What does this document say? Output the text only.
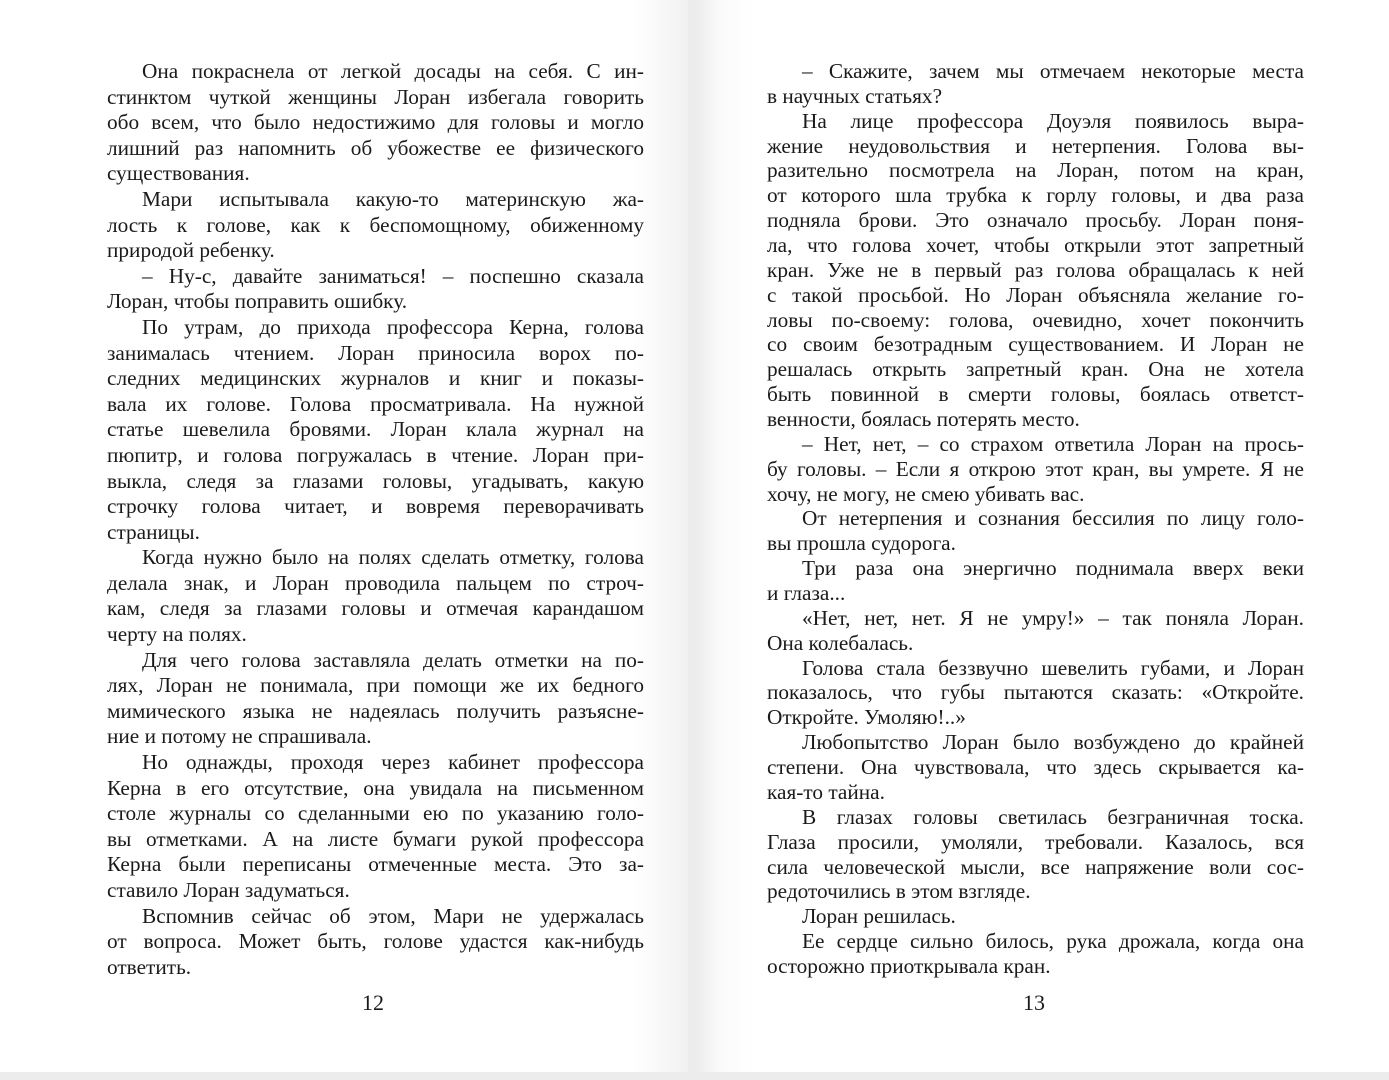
Она покраснела от легкой досады на себя. С ин-
стинктом чуткой женщины Лоран избегала говорить
обо всем, что было недостижимо для головы и могло
лишний раз напомнить об убожестве ее физического
существования.
Мари испытывала какую-то материнскую жа-
лость к голове, как к беспомощному, обиженному
природой ребенку.
– Ну-с, давайте заниматься! – поспешно сказала
Лоран, чтобы поправить ошибку.
По утрам, до прихода профессора Керна, голова
занималась чтением. Лоран приносила ворох по-
следних медицинских журналов и книг и показы-
вала их голове. Голова просматривала. На нужной
статье шевелила бровями. Лоран клала журнал на
пюпитр, и голова погружалась в чтение. Лоран при-
выкла, следя за глазами головы, угадывать, какую
строчку голова читает, и вовремя переворачивать
страницы.
Когда нужно было на полях сделать отметку, голова
делала знак, и Лоран проводила пальцем по строч-
кам, следя за глазами головы и отмечая карандашом
черту на полях.
Для чего голова заставляла делать отметки на по-
лях, Лоран не понимала, при помощи же их бедного
мимического языка не надеялась получить разъясне-
ние и потому не спрашивала.
Но однажды, проходя через кабинет профессора
Керна в его отсутствие, она увидала на письменном
столе журналы со сделанными ею по указанию голо-
вы отметками. А на листе бумаги рукой профессора
Керна были переписаны отмеченные места. Это за-
ставило Лоран задуматься.
Вспомнив сейчас об этом, Мари не удержалась
от вопроса. Может быть, голове удастся как-нибудь
ответить.
12
– Скажите, зачем мы отмечаем некоторые места
в научных статьях?
На лице профессора Доуэля появилось выра-
жение неудовольствия и нетерпения. Голова вы-
разительно посмотрела на Лоран, потом на кран,
от которого шла трубка к горлу головы, и два раза
подняла брови. Это означало просьбу. Лоран поня-
ла, что голова хочет, чтобы открыли этот запретный
кран. Уже не в первый раз голова обращалась к ней
с такой просьбой. Но Лоран объясняла желание го-
ловы по-своему: голова, очевидно, хочет покончить
со своим безотрадным существованием. И Лоран не
решалась открыть запретный кран. Она не хотела
быть повинной в смерти головы, боялась ответст-
венности, боялась потерять место.
– Нет, нет, – со страхом ответила Лоран на прось-
бу головы. – Если я открою этот кран, вы умрете. Я не
хочу, не могу, не смею убивать вас.
От нетерпения и сознания бессилия по лицу голо-
вы прошла судорога.
Три раза она энергично поднимала вверх веки
и глаза...
«Нет, нет, нет. Я не умру!» – так поняла Лоран.
Она колебалась.
Голова стала беззвучно шевелить губами, и Лоран
показалось, что губы пытаются сказать: «Откройте.
Откройте. Умоляю!..»
Любопытство Лоран было возбуждено до крайней
степени. Она чувствовала, что здесь скрывается ка-
кая-то тайна.
В глазах головы светилась безграничная тоска.
Глаза просили, умоляли, требовали. Казалось, вся
сила человеческой мысли, все напряжение воли сос-
редоточились в этом взгляде.
Лоран решилась.
Ее сердце сильно билось, рука дрожала, когда она
осторожно приоткрывала кран.
13
